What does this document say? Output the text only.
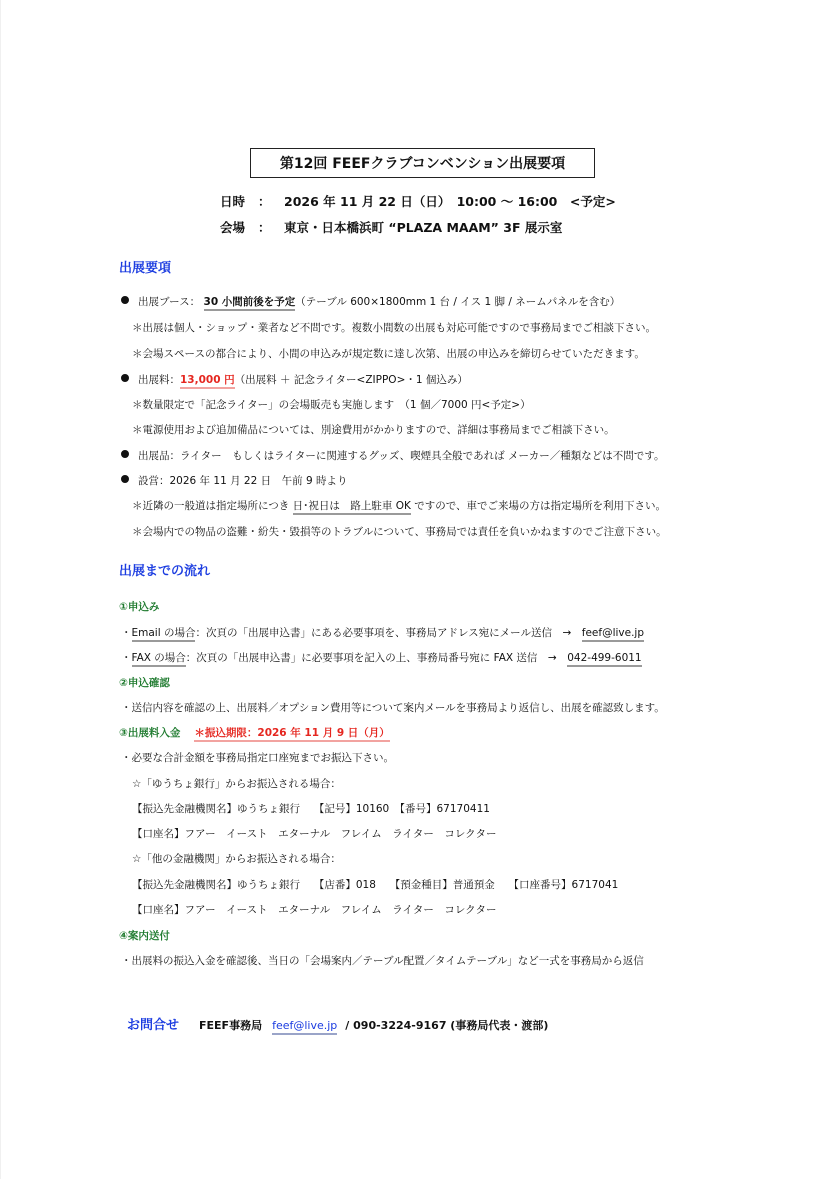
第12回 FEEFクラブコンベンション出展要項
日時 ： 2026 年 11 月 22 日（日）　10:00 ～ 16:00　<予定>
会場 ： 東京・日本橋浜町 “PLAZA MAAM” 3F 展示室
出展要項
出展ブース： 30 小間前後を予定（テーブル 600×1800mm 1 台 / イス 1 脚 / ネームパネルを含む）
＊出展は個人・ショップ・業者など不問です。複数小間数の出展も対応可能ですので事務局までご相談下さい。
＊会場スペースの都合により、小間の申込みが規定数に達し次第、出展の申込みを締切らせていただきます。
出展料：13,000 円（出展料 ＋ 記念ライター<ZIPPO>・1 個込み）
＊数量限定で「記念ライター」の会場販売も実施します　（1 個／7000 円<予定>）
＊電源使用および追加備品については、別途費用がかかりますので、詳細は事務局までご相談下さい。
出展品：ライター　もしくはライターに関連するグッズ、喫煙具全般であれば メーカー／種類などは不問です。
設営：2026 年 11 月 22 日　午前 9 時より
＊近隣の一般道は指定場所につき 日･祝日は　路上駐車 OK ですので、車でご来場の方は指定場所を利用下さい。
＊会場内での物品の盗難・紛失・毀損等のトラブルについて、事務局では責任を負いかねますのでご注意下さい。
出展までの流れ
①申込み
・Email の場合：次頁の「出展申込書」にある必要事項を、事務局アドレス宛にメール送信　→　feef@live.jp
・FAX の場合：次頁の「出展申込書」に必要事項を記入の上、事務局番号宛に FAX 送信　→　042-499-6011
②申込確認
・送信内容を確認の上、出展料／オプション費用等について案内メールを事務局より返信し、出展を確認致します。
③出展料入金 ＊振込期限：2026 年 11 月 9 日（月）
・必要な合計金額を事務局指定口座宛までお振込下さい。
☆「ゆうちょ銀行」からお振込される場合：
【振込先金融機関名】ゆうちょ銀行　 【記号】10160　【番号】67170411
【口座名】フアー　イースト　エターナル　フレイム　ライター　コレクター
☆「他の金融機関」からお振込される場合：
【振込先金融機関名】ゆうちょ銀行　 【店番】018　 【預金種目】普通預金　 【口座番号】6717041
【口座名】フアー　イースト　エターナル　フレイム　ライター　コレクター
④案内送付
・出展料の振込入金を確認後、当日の「会場案内／テーブル配置／タイムテーブル」など一式を事務局から返信
お問合せ FEEF事務局 feef@live.jp / 090-3224-9167 (事務局代表・渡部)
